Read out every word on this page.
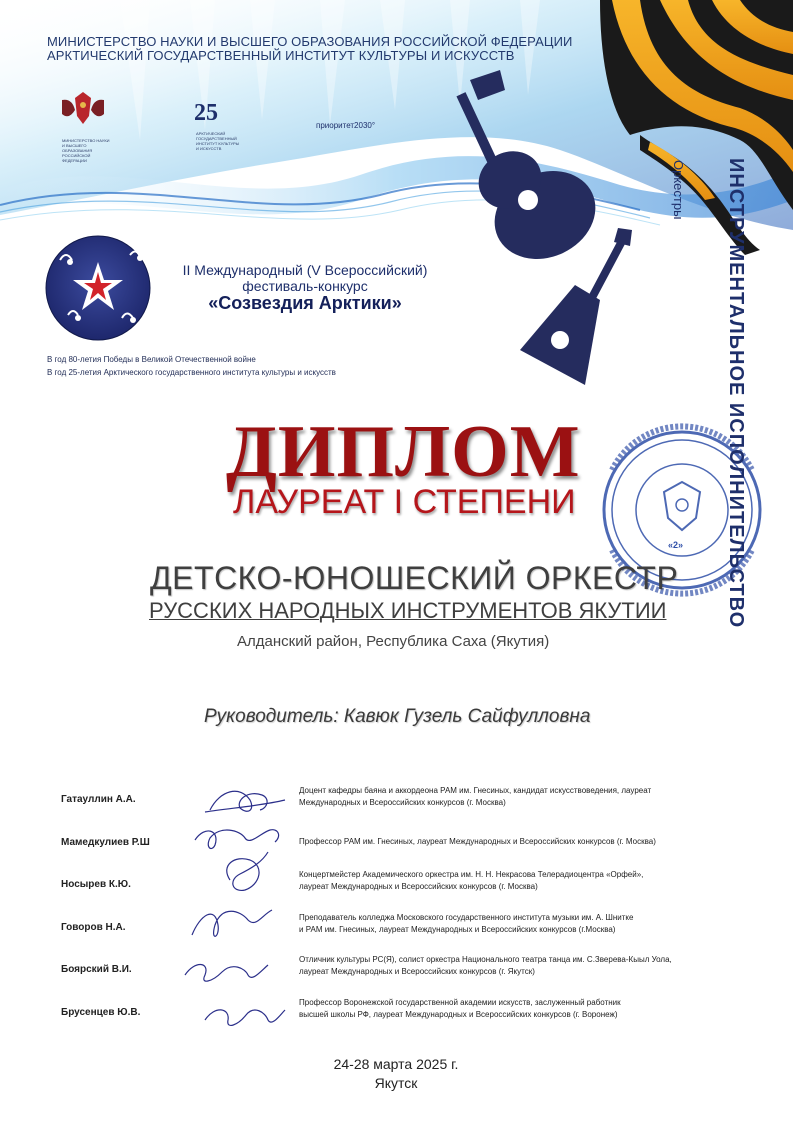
МИНИСТЕРСТВО НАУКИ И ВЫСШЕГО ОБРАЗОВАНИЯ РОССИЙСКОЙ ФЕДЕРАЦИИ
АРКТИЧЕСКИЙ ГОСУДАРСТВЕННЫЙ ИНСТИТУТ КУЛЬТУРЫ И ИСКУССТВ
МИНИСТЕРСТВО НАУКИ
И ВЫСШЕГО ОБРАЗОВАНИЯ
РОССИЙСКОЙ ФЕДЕРАЦИИ
25
АРКТИЧЕСКИЙ
ГОСУДАРСТВЕННЫЙ
ИНСТИТУТ КУЛЬТУРЫ
И ИСКУССТВ
приоритет2030°
II Международный (V Всероссийский)
фестиваль-конкурс
«Созвездия Арктики»
В год 80-летия Победы в Великой Отечественной войне
В год 25-летия Арктического государственного института культуры и искусств	ИНСТРУМЕНТАЛЬНОЕ ИСПОЛНИТЕЛЬСТВО
Оркестры
«2»
ДИПЛОМ
ЛАУРЕАТ I СТЕПЕНИ
ДЕТСКО-ЮНОШЕСКИЙ ОРКЕСТР
РУССКИХ НАРОДНЫХ ИНСТРУМЕНТОВ ЯКУТИИ
Алданский район, Республика Саха (Якутия)
Руководитель: Кавюк Гузель Сайфулловна
Гатауллин А.А.
Доцент кафедры баяна и аккордеона РАМ им. Гнесиных, кандидат искусствоведения, лауреат
Международных и Всероссийских конкурсов (г. Москва)
Мамедкулиев Р.Ш	Профессор РАМ им. Гнесиных, лауреат Международных и Всероссийских конкурсов (г. Москва)
Носырев К.Ю.
Концертмейстер Академического оркестра им. Н. Н. Некрасова Телерадиоцентра «Орфей»,
лауреат Международных и Всероссийских конкурсов (г. Москва)
Говоров Н.А.
Преподаватель колледжа Московского государственного института музыки им. А. Шнитке
и РАМ им. Гнесиных, лауреат Международных и Всероссийских конкурсов (г.Москва)
Боярский В.И.
Отличник культуры РС(Я), солист оркестра Национального театра танца им. С.Зверева-Кыыл Уола,
лауреат Международных и Всероссийских конкурсов (г. Якутск)
Брусенцев Ю.В.
Профессор Воронежской государственной академии искусств, заслуженный работник
высшей школы РФ, лауреат Международных и Всероссийских конкурсов (г. Воронеж)
24-28 марта 2025 г.
Якутск
